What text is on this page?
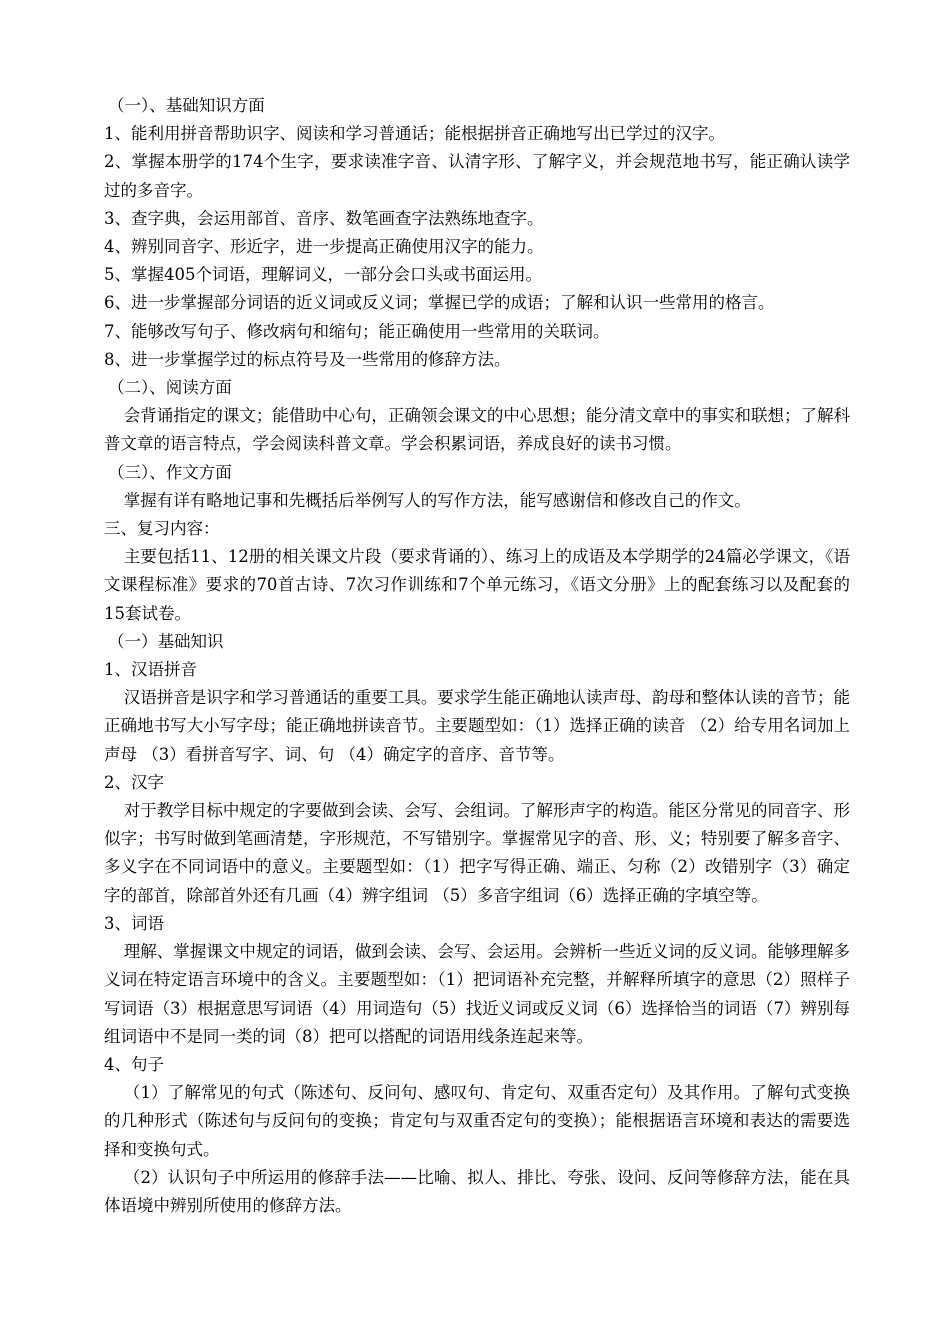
（一）、基础知识方面

1、能利用拼音帮助识字、阅读和学习普通话；能根据拼音正确地写出已学过的汉字。

2、掌握本册学的174个生字，要求读准字音、认清字形、了解字义，并会规范地书写，能正确认读学过的多音字。

3、查字典，会运用部首、音序、数笔画查字法熟练地查字。

4、辨别同音字、形近字，进一步提高正确使用汉字的能力。

5、掌握405个词语，理解词义，一部分会口头或书面运用。

6、进一步掌握部分词语的近义词或反义词；掌握已学的成语；了解和认识一些常用的格言。

7、能够改写句子、修改病句和缩句；能正确使用一些常用的关联词。

8、进一步掌握学过的标点符号及一些常用的修辞方法。

（二）、阅读方面

会背诵指定的课文；能借助中心句，正确领会课文的中心思想；能分清文章中的事实和联想；了解科普文章的语言特点，学会阅读科普文章。学会积累词语，养成良好的读书习惯。

（三）、作文方面

掌握有详有略地记事和先概括后举例写人的写作方法，能写感谢信和修改自己的作文。

三、复习内容：

主要包括11、12册的相关课文片段（要求背诵的）、练习上的成语及本学期学的24篇必学课文，《语文课程标准》要求的70首古诗、7次习作训练和7个单元练习，《语文分册》上的配套练习以及配套的15套试卷。

（一）基础知识

1、汉语拼音

汉语拼音是识字和学习普通话的重要工具。要求学生能正确地认读声母、韵母和整体认读的音节；能正确地书写大小写字母；能正确地拼读音节。主要题型如：（1）选择正确的读音 （2）给专用名词加上声母 （3）看拼音写字、词、句 （4）确定字的音序、音节等。

2、汉字

对于教学目标中规定的字要做到会读、会写、会组词。了解形声字的构造。能区分常见的同音字、形似字；书写时做到笔画清楚，字形规范，不写错别字。掌握常见字的音、形、义；特别要了解多音字、多义字在不同词语中的意义。主要题型如：（1）把字写得正确、端正、匀称（2）改错别字（3）确定字的部首，除部首外还有几画（4）辨字组词 （5）多音字组词（6）选择正确的字填空等。

3、词语

理解、掌握课文中规定的词语，做到会读、会写、会运用。会辨析一些近义词的反义词。能够理解多义词在特定语言环境中的含义。主要题型如：（1）把词语补充完整，并解释所填字的意思（2）照样子写词语（3）根据意思写词语（4）用词造句（5）找近义词或反义词（6）选择恰当的词语（7）辨别每组词语中不是同一类的词（8）把可以搭配的词语用线条连起来等。

4、句子

（1）了解常见的句式（陈述句、反问句、感叹句、肯定句、双重否定句）及其作用。了解句式变换的几种形式（陈述句与反问句的变换；肯定句与双重否定句的变换）；能根据语言环境和表达的需要选择和变换句式。

（2）认识句子中所运用的修辞手法——比喻、拟人、排比、夸张、设问、反问等修辞方法，能在具体语境中辨别所使用的修辞方法。
